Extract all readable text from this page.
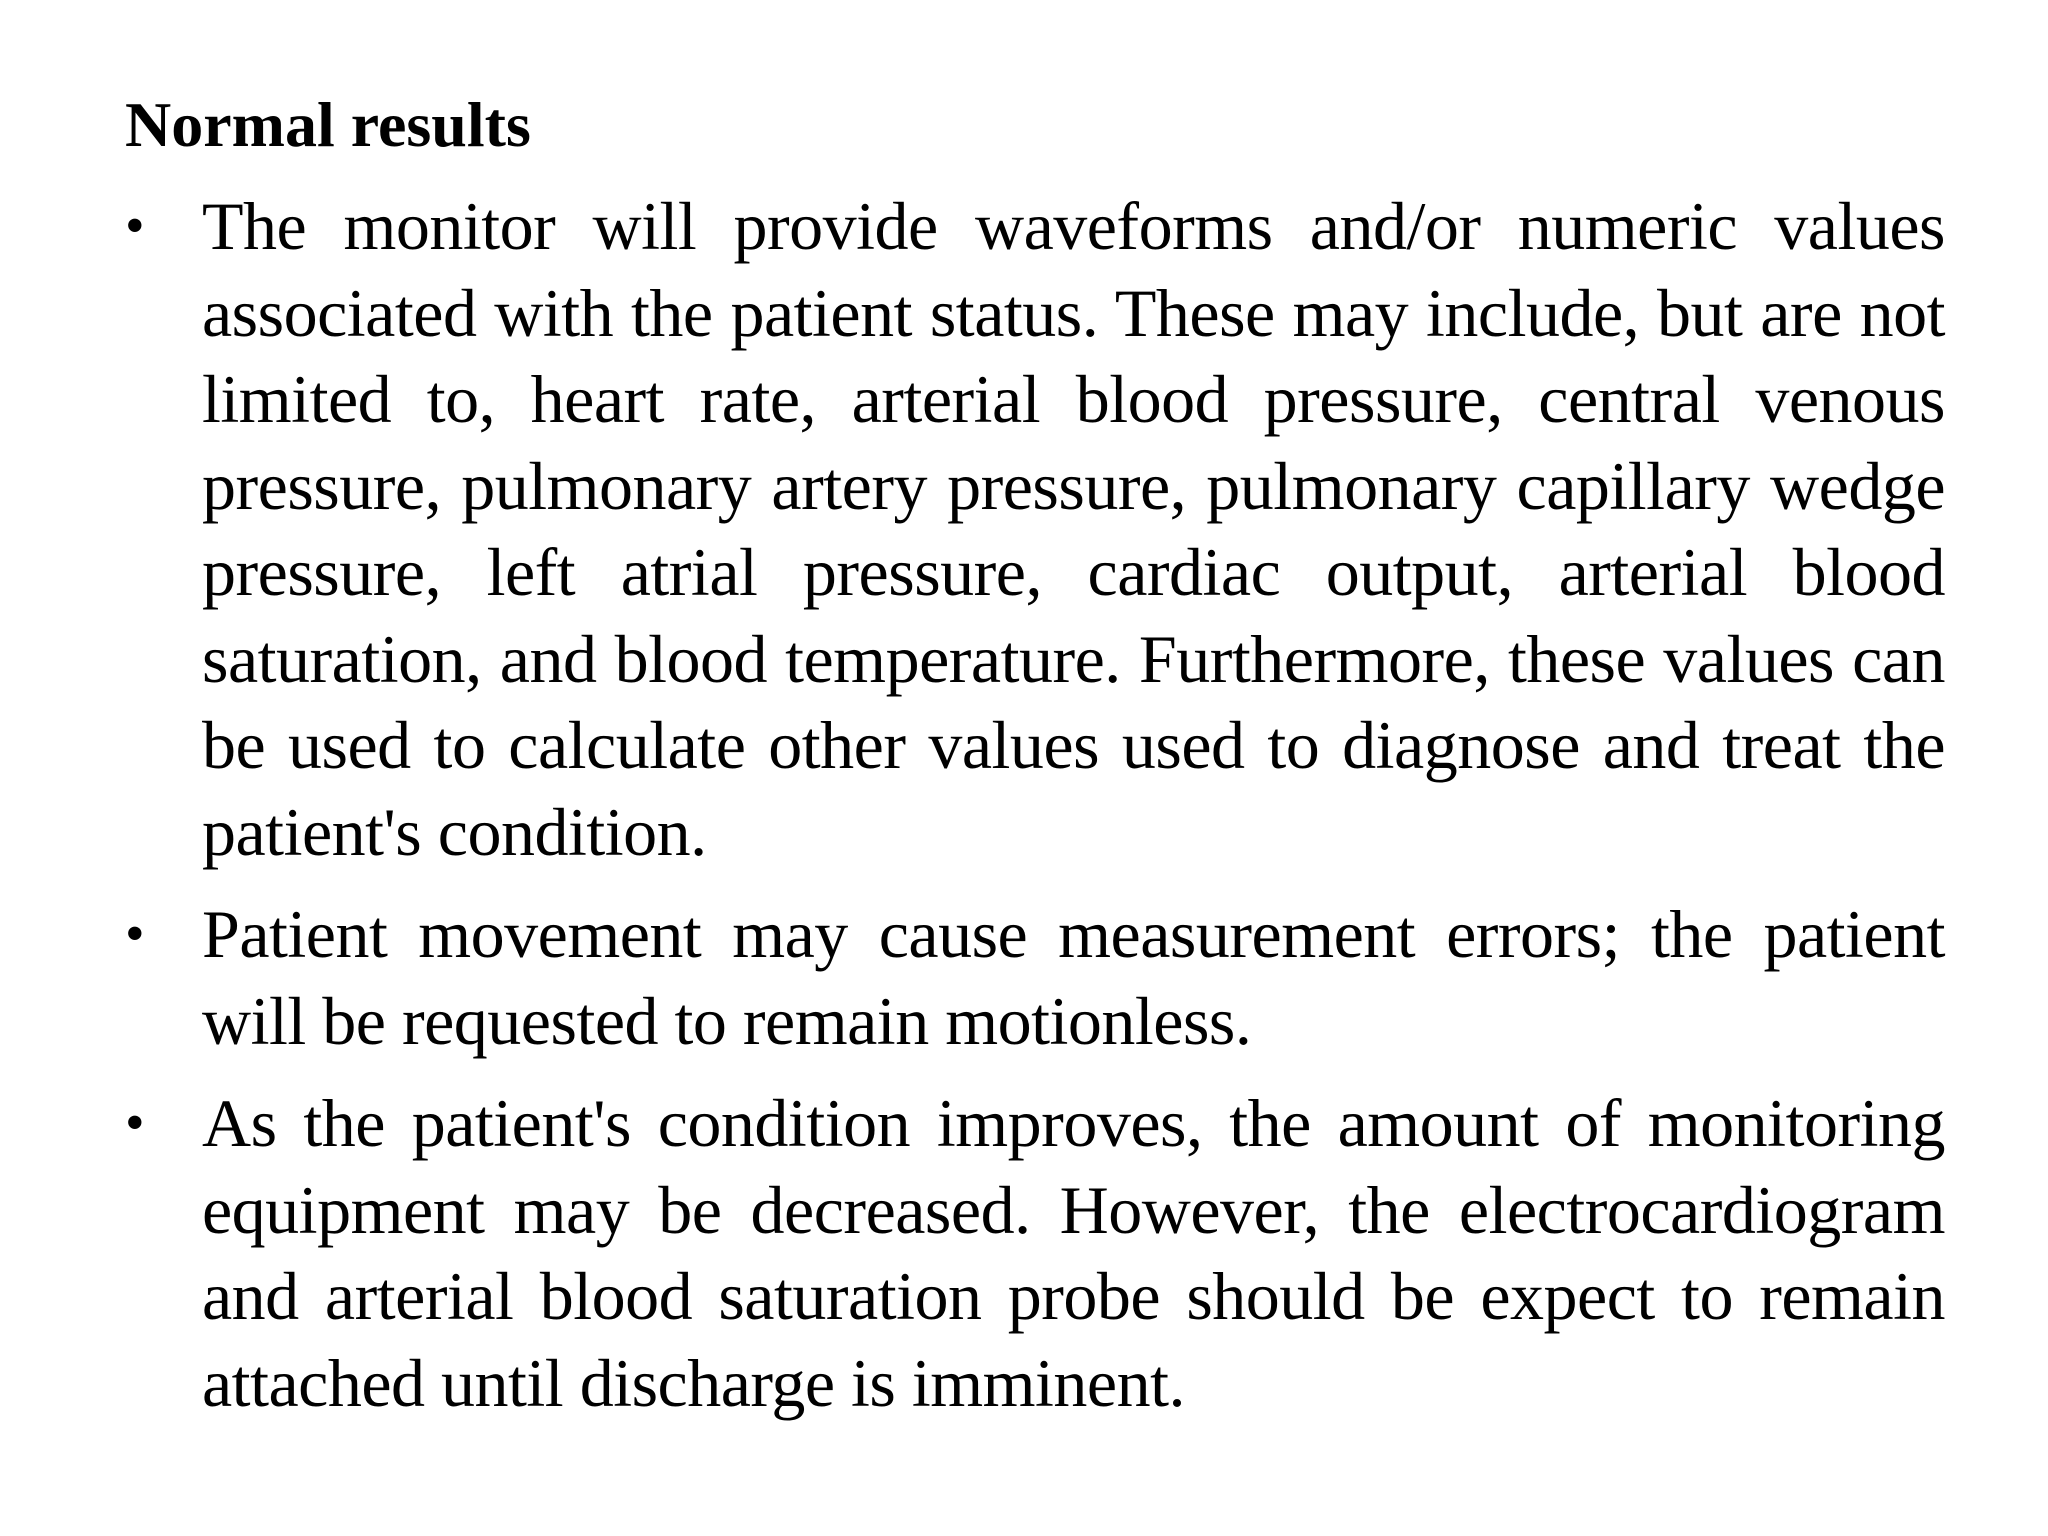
Normal results
• The monitor will provide waveforms and/or numeric values associated with the patient status. These may include, but are not limited to, heart rate, arterial blood pressure, central venous pressure, pulmonary artery pressure, pulmonary capillary wedge pressure, left atrial pressure, cardiac output, arterial blood saturation, and blood temperature. Furthermore, these values can be used to calculate other values used to diagnose and treat the patient's condition.
• Patient movement may cause measurement errors; the patient will be requested to remain motionless.
• As the patient's condition improves, the amount of monitoring equipment may be decreased. However, the electrocardiogram and arterial blood saturation probe should be expect to remain attached until discharge is imminent.
